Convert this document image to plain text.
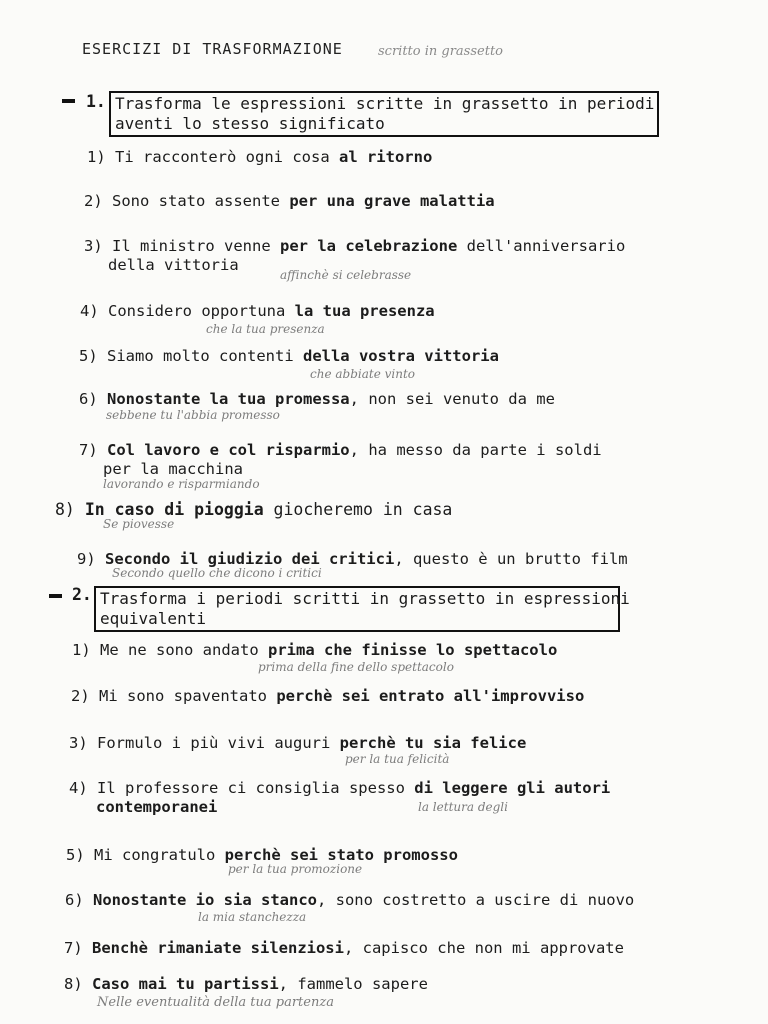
ESERCIZI DI TRASFORMAZIONE	scritto in grassetto
1. Trasforma le espressioni scritte in grassetto in periodi
aventi lo stesso significato
1) Ti racconterò ogni cosa al ritorno
2) Sono stato assente per una grave malattia
3) Il ministro venne per la celebrazione dell'anniversario
della vittoria
affinchè si celebrasse
4) Considero opportuna la tua presenza
che la tua presenza
5) Siamo molto contenti della vostra vittoria
che abbiate vinto
6) Nonostante la tua promessa, non sei venuto da me
sebbene tu l'abbia promesso
7) Col lavoro e col risparmio, ha messo da parte i soldi
per la macchina
lavorando e risparmiando
8) In caso di pioggia giocheremo in casa
Se piovesse
9) Secondo il giudizio dei critici, questo è un brutto film
Secondo quello che dicono i critici
2. Trasforma i periodi scritti in grassetto in espressioni
equivalenti
1) Me ne sono andato prima che finisse lo spettacolo
prima della fine dello spettacolo
2) Mi sono spaventato perchè sei entrato all'improvviso
3) Formulo i più vivi auguri perchè tu sia felice
per la tua felicità
4) Il professore ci consiglia spesso di leggere gli autori
contemporanei	la lettura degli
5) Mi congratulo perchè sei stato promosso
per la tua promozione
6) Nonostante io sia stanco, sono costretto a uscire di nuovo
la mia stanchezza
7) Benchè rimaniate silenziosi, capisco che non mi approvate
8) Caso mai tu partissi, fammelo sapere
Nelle eventualità della tua partenza
